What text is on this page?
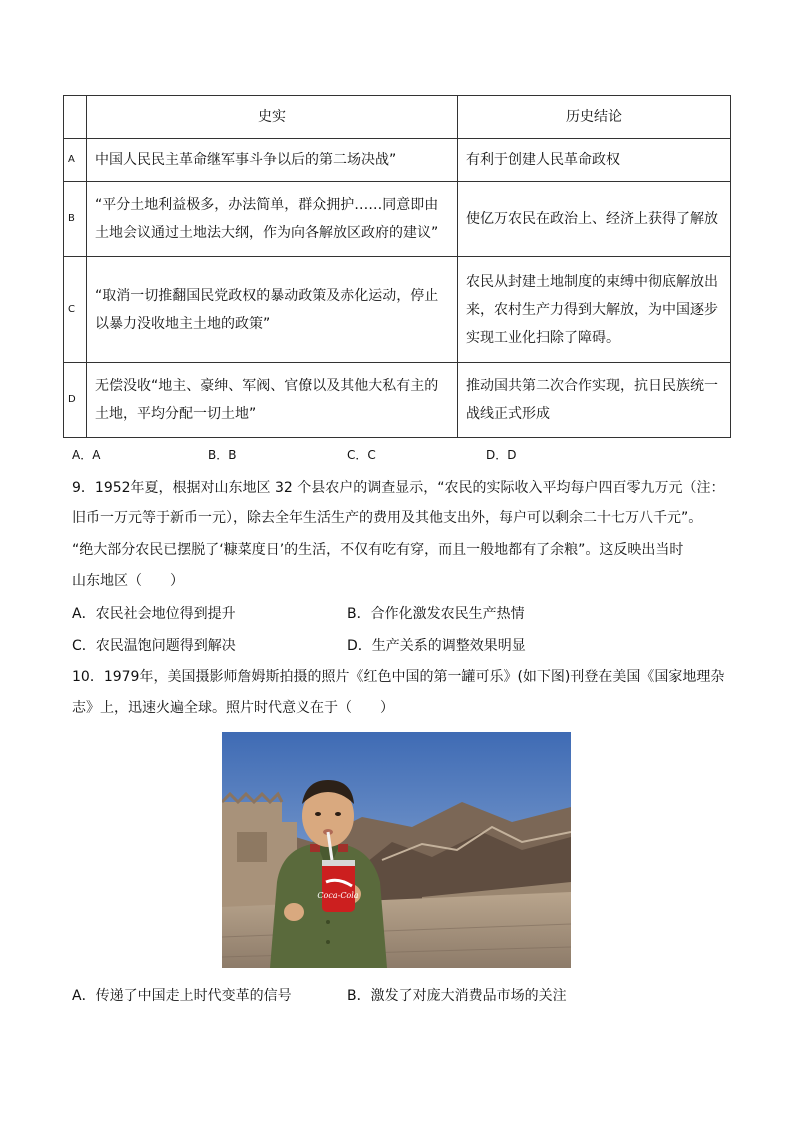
	史实	历史结论
A	中国人民民主革命继军事斗争以后的第二场决战”	有利于创建人民革命政权
B	“平分土地利益极多，办法简单，群众拥护……同意即由
土地会议通过土地法大纲，作为向各解放区政府的建议”	使亿万农民在政治上、经济上获得了解放
C	“取消一切推翻国民党政权的暴动政策及赤化运动，停止
以暴力没收地主土地的政策”	农民从封建土地制度的束缚中彻底解放出
来，农村生产力得到大解放，为中国逐步
实现工业化扫除了障碍。
D	无偿没收“地主、豪绅、军阀、官僚以及其他大私有主的
土地，平均分配一切土地”	推动国共第二次合作实现，抗日民族统一
战线正式形成
A．A	B．B	C．C	D．D
9．1952年夏，根据对山东地区 32 个县农户的调查显示，“农民的实际收入平均每户四百零九万元（注：
旧币一万元等于新币一元），除去全年生活生产的费用及其他支出外，每户可以剩余二十七万八千元”。
“绝大部分农民已摆脱了‘糠菜度日’的生活，不仅有吃有穿，而且一般地都有了余粮”。这反映出当时
山东地区（　　）
A．农民社会地位得到提升	B．合作化激发农民生产热情
C．农民温饱问题得到解决	D．生产关系的调整效果明显
10．1979年，美国摄影师詹姆斯拍摄的照片《红色中国的第一罐可乐》(如下图)刊登在美国《国家地理杂
志》上，迅速火遍全球。照片时代意义在于（　　）
Coca-Cola
A．传递了中国走上时代变革的信号	B．激发了对庞大消费品市场的关注
